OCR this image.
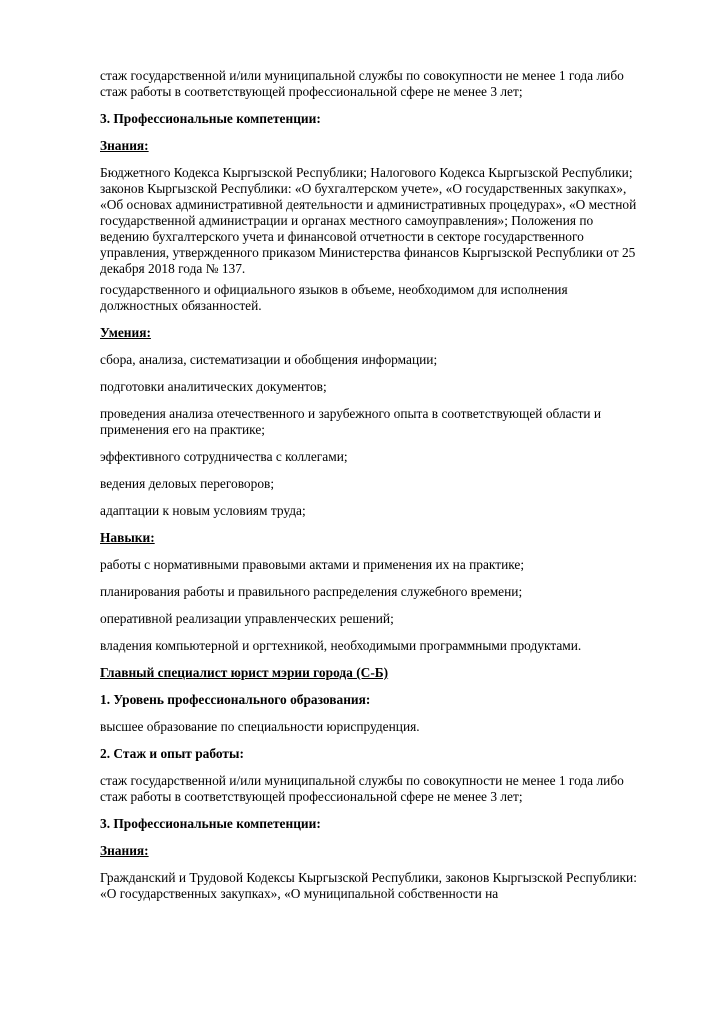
стаж государственной и/или муниципальной службы по совокупности не менее 1 года либо стаж работы в соответствующей профессиональной сфере не менее 3 лет;

3. Профессиональные компетенции:

Знания:

Бюджетного Кодекса Кыргызской Республики; Налогового Кодекса Кыргызской Республики; законов Кыргызской Республики: «О бухгалтерском учете», «О государственных закупках», «Об основах административной деятельности и административных процедурах», «О местной государственной администрации и органах местного самоуправления»; Положения по ведению бухгалтерского учета и финансовой отчетности в секторе государственного управления, утвержденного приказом Министерства финансов Кыргызской Республики от 25 декабря 2018 года № 137.

государственного и официального языков в объеме, необходимом для исполнения должностных обязанностей.

Умения:

сбора, анализа, систематизации и обобщения информации;

подготовки аналитических документов;

проведения анализа отечественного и зарубежного опыта в соответствующей области и применения его на практике;

эффективного сотрудничества с коллегами;

ведения деловых переговоров;

адаптации к новым условиям труда;

Навыки:

работы с нормативными правовыми актами и применения их на практике;

планирования работы и правильного распределения служебного времени;

оперативной реализации управленческих решений;

владения компьютерной и оргтехникой, необходимыми программными продуктами.

Главный специалист юрист мэрии города (С-Б)

1. Уровень профессионального образования:

высшее образование по специальности юриспруденция.

2. Стаж и опыт работы:

стаж государственной и/или муниципальной службы по совокупности не менее 1 года либо стаж работы в соответствующей профессиональной сфере не менее 3 лет;

3. Профессиональные компетенции:

Знания:

Гражданский и Трудовой Кодексы Кыргызской Республики, законов Кыргызской Республики: «О государственных закупках», «О муниципальной собственности на
